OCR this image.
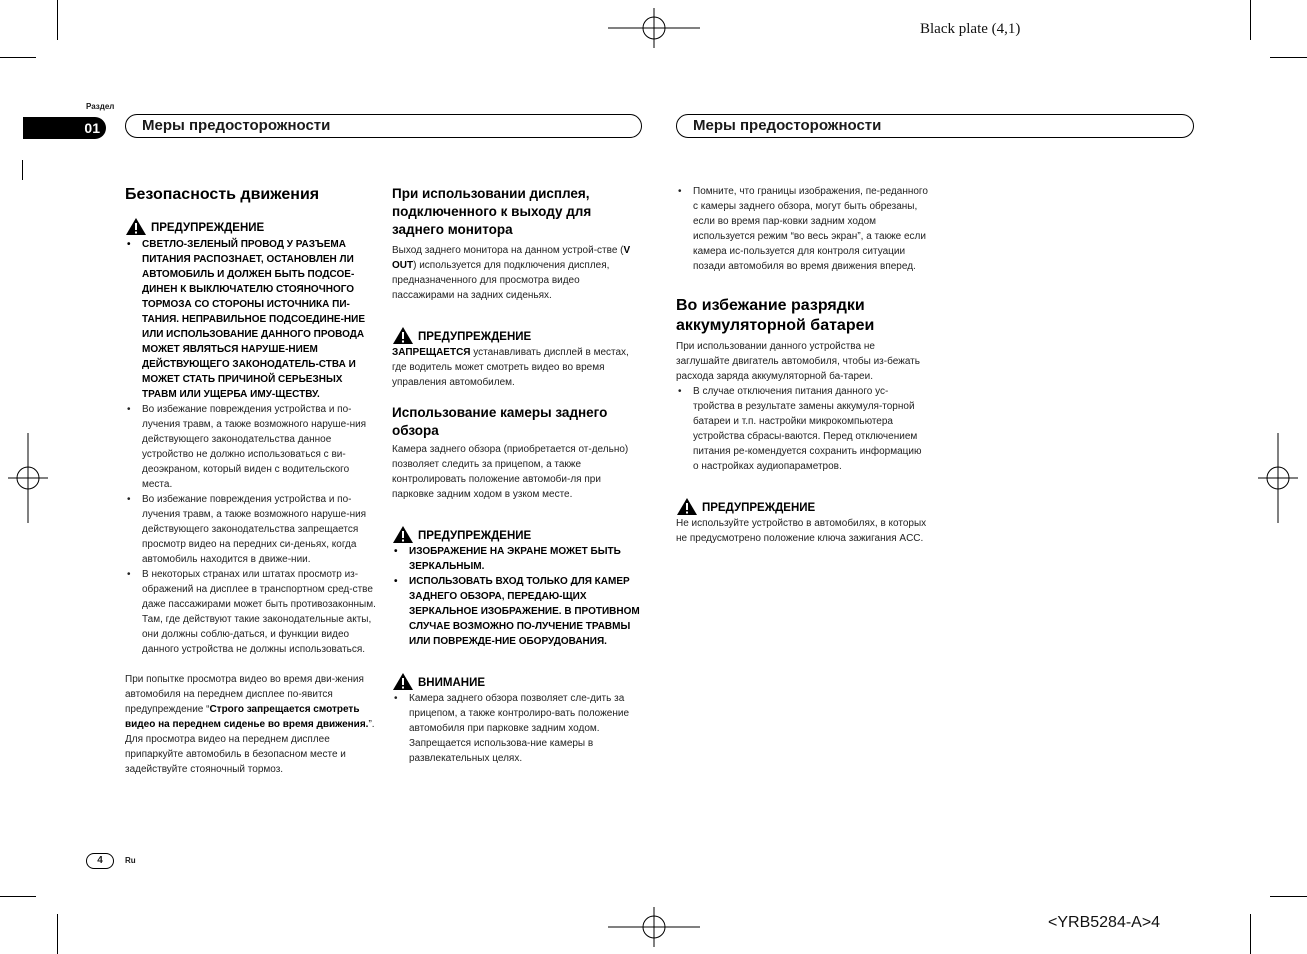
Black plate (4,1)
<YRB5284-A>4
Раздел
01	Меры предосторожности	Меры предосторожности
Безопасность движения
ПРЕДУПРЕЖДЕНИЕ
• СВЕТЛО-ЗЕЛЕНЫЙ ПРОВОД У РАЗЪЕМА ПИТАНИЯ РАСПОЗНАЕТ, ОСТАНОВЛЕН ЛИ АВТОМОБИЛЬ И ДОЛЖЕН БЫТЬ ПОДСОЕ-ДИНЕН К ВЫКЛЮЧАТЕЛЮ СТОЯНОЧНОГО ТОРМОЗА СО СТОРОНЫ ИСТОЧНИКА ПИ-ТАНИЯ. НЕПРАВИЛЬНОЕ ПОДСОЕДИНЕ-НИЕ ИЛИ ИСПОЛЬЗОВАНИЕ ДАННОГО ПРОВОДА МОЖЕТ ЯВЛЯТЬСЯ НАРУШЕ-НИЕМ ДЕЙСТВУЮЩЕГО ЗАКОНОДАТЕЛЬ-СТВА И МОЖЕТ СТАТЬ ПРИЧИНОЙ СЕРЬЕЗНЫХ ТРАВМ ИЛИ УЩЕРБА ИМУ-ЩЕСТВУ.
• Во избежание повреждения устройства и по-лучения травм, а также возможного наруше-ния действующего законодательства данное устройство не должно использоваться с ви-деоэкраном, который виден с водительского места.
• Во избежание повреждения устройства и по-лучения травм, а также возможного наруше-ния действующего законодательства запрещается просмотр видео на передних си-деньях, когда автомобиль находится в движе-нии.
• В некоторых странах или штатах просмотр из-ображений на дисплее в транспортном сред-стве даже пассажирами может быть противозаконным. Там, где действуют такие законодательные акты, они должны соблю-даться, и функции видео данного устройства не должны использоваться.

При попытке просмотра видео во время дви-жения автомобиля на переднем дисплее по-явится предупреждение “Строго запрещается смотреть видео на переднем сиденье во время движения.”.

Для просмотра видео на переднем дисплее припаркуйте автомобиль в безопасном месте и задействуйте стояночный тормоз.

При использовании дисплея, подключенного к выходу для заднего монитора

Выход заднего монитора на данном устрой-стве (V OUT) используется для подключения дисплея, предназначенного для просмотра видео пассажирами на задних сиденьях.

ПРЕДУПРЕЖДЕНИЕ

ЗАПРЕЩАЕТСЯ устанавливать дисплей в местах, где водитель может смотреть видео во время управления автомобилем.

Использование камеры заднего обзора

Камера заднего обзора (приобретается от-дельно) позволяет следить за прицепом, а также контролировать положение автомоби-ля при парковке задним ходом в узком месте.

ПРЕДУПРЕЖДЕНИЕ
• ИЗОБРАЖЕНИЕ НА ЭКРАНЕ МОЖЕТ БЫТЬ ЗЕРКАЛЬНЫМ.
• ИСПОЛЬЗОВАТЬ ВХОД ТОЛЬКО ДЛЯ КАМЕР ЗАДНЕГО ОБЗОРА, ПЕРЕДАЮ-ЩИХ ЗЕРКАЛЬНОЕ ИЗОБРАЖЕНИЕ. В ПРОТИВНОМ СЛУЧАЕ ВОЗМОЖНО ПО-ЛУЧЕНИЕ ТРАВМЫ ИЛИ ПОВРЕЖДЕ-НИЕ ОБОРУДОВАНИЯ.
ВНИМАНИЕ
• Камера заднего обзора позволяет сле-дить за прицепом, а также контролиро-вать положение автомобиля при парковке задним ходом. Запрещается использова-ние камеры в развлекательных целях.
• Помните, что границы изображения, пе-реданного с камеры заднего обзора, могут быть обрезаны, если во время пар-ковки задним ходом используется режим “во весь экран”, а также если камера ис-пользуется для контроля ситуации позади автомобиля во время движения вперед.
Во избежание разрядки аккумуляторной батареи

При использовании данного устройства не заглушайте двигатель автомобиля, чтобы из-бежать расхода заряда аккумуляторной ба-тареи.

• В случае отключения питания данного ус-тройства в результате замены аккумуля-торной батареи и т.п. настройки микрокомпьютера устройства сбрасы-ваются. Перед отключением питания ре-комендуется сохранить информацию о настройках аудиопараметров.
ПРЕДУПРЕЖДЕНИЕ

Не используйте устройство в автомобилях, в которых не предусмотрено положение ключа зажигания ACC.

4	Ru
